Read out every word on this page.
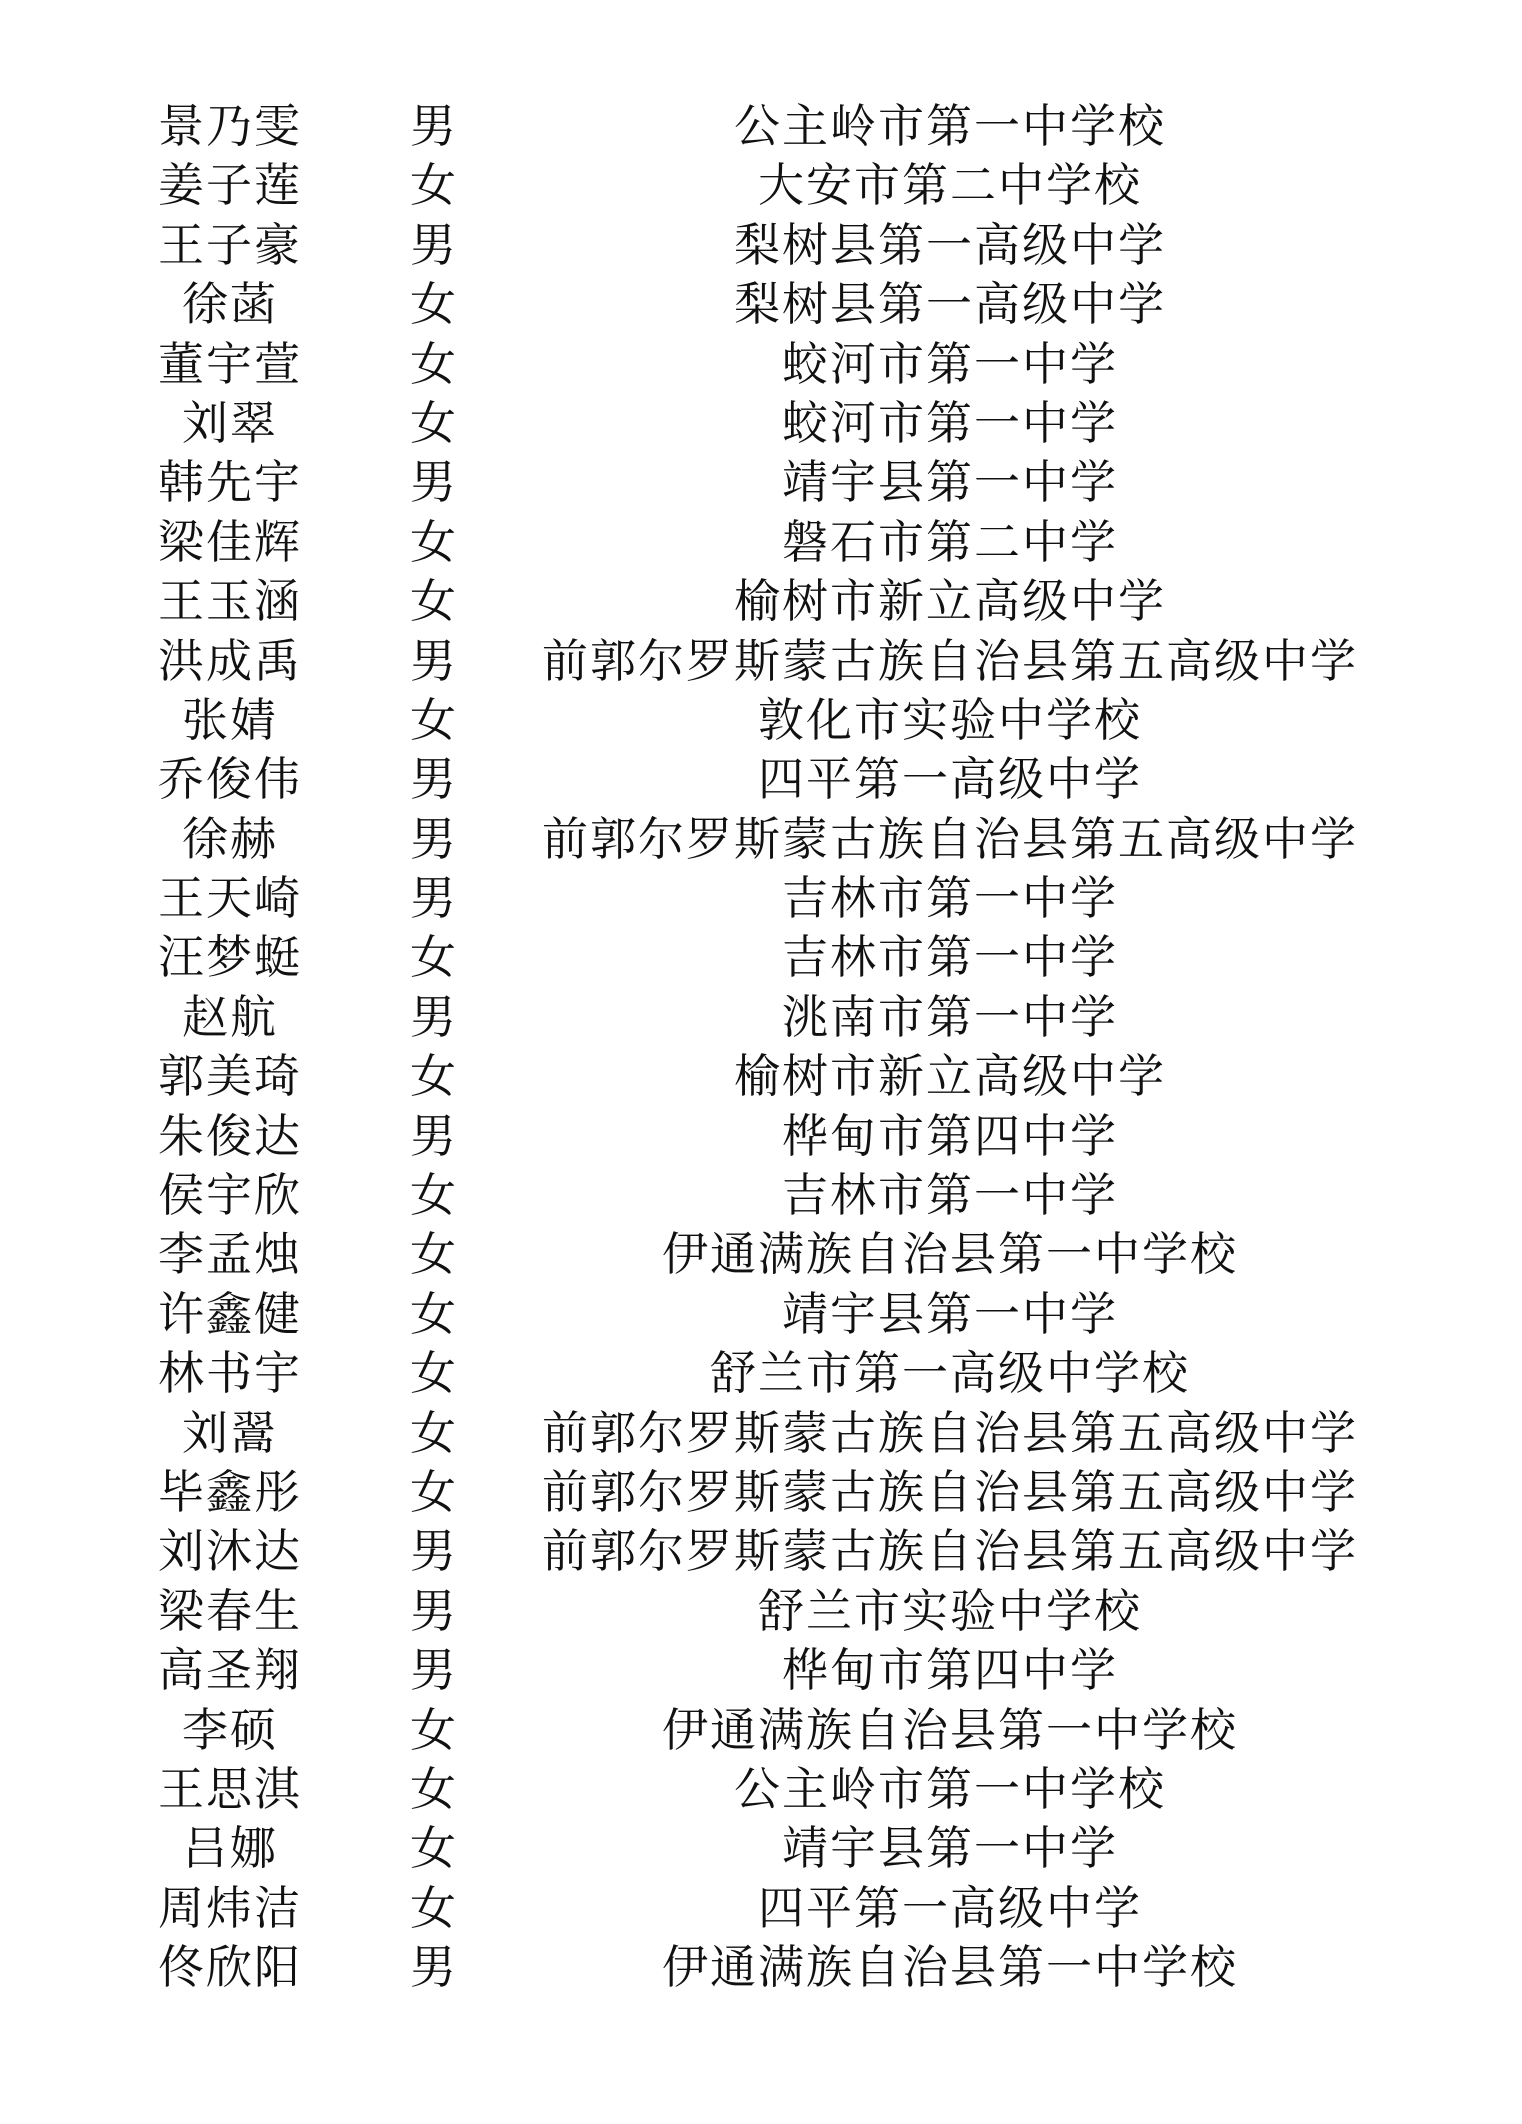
景乃雯	男	公主岭市第一中学校
姜子莲	女	大安市第二中学校
王子豪	男	梨树县第一高级中学
徐菡	女	梨树县第一高级中学
董宇萱	女	蛟河市第一中学
刘翠	女	蛟河市第一中学
韩先宇	男	靖宇县第一中学
梁佳辉	女	磐石市第二中学
王玉涵	女	榆树市新立高级中学
洪成禹	男	前郭尔罗斯蒙古族自治县第五高级中学
张婧	女	敦化市实验中学校
乔俊伟	男	四平第一高级中学
徐赫	男	前郭尔罗斯蒙古族自治县第五高级中学
王天崎	男	吉林市第一中学
汪梦蜓	女	吉林市第一中学
赵航	男	洮南市第一中学
郭美琦	女	榆树市新立高级中学
朱俊达	男	桦甸市第四中学
侯宇欣	女	吉林市第一中学
李孟烛	女	伊通满族自治县第一中学校
许鑫健	女	靖宇县第一中学
林书宇	女	舒兰市第一高级中学校
刘翯	女	前郭尔罗斯蒙古族自治县第五高级中学
毕鑫彤	女	前郭尔罗斯蒙古族自治县第五高级中学
刘沐达	男	前郭尔罗斯蒙古族自治县第五高级中学
梁春生	男	舒兰市实验中学校
高圣翔	男	桦甸市第四中学
李硕	女	伊通满族自治县第一中学校
王思淇	女	公主岭市第一中学校
吕娜	女	靖宇县第一中学
周炜洁	女	四平第一高级中学
佟欣阳	男	伊通满族自治县第一中学校
